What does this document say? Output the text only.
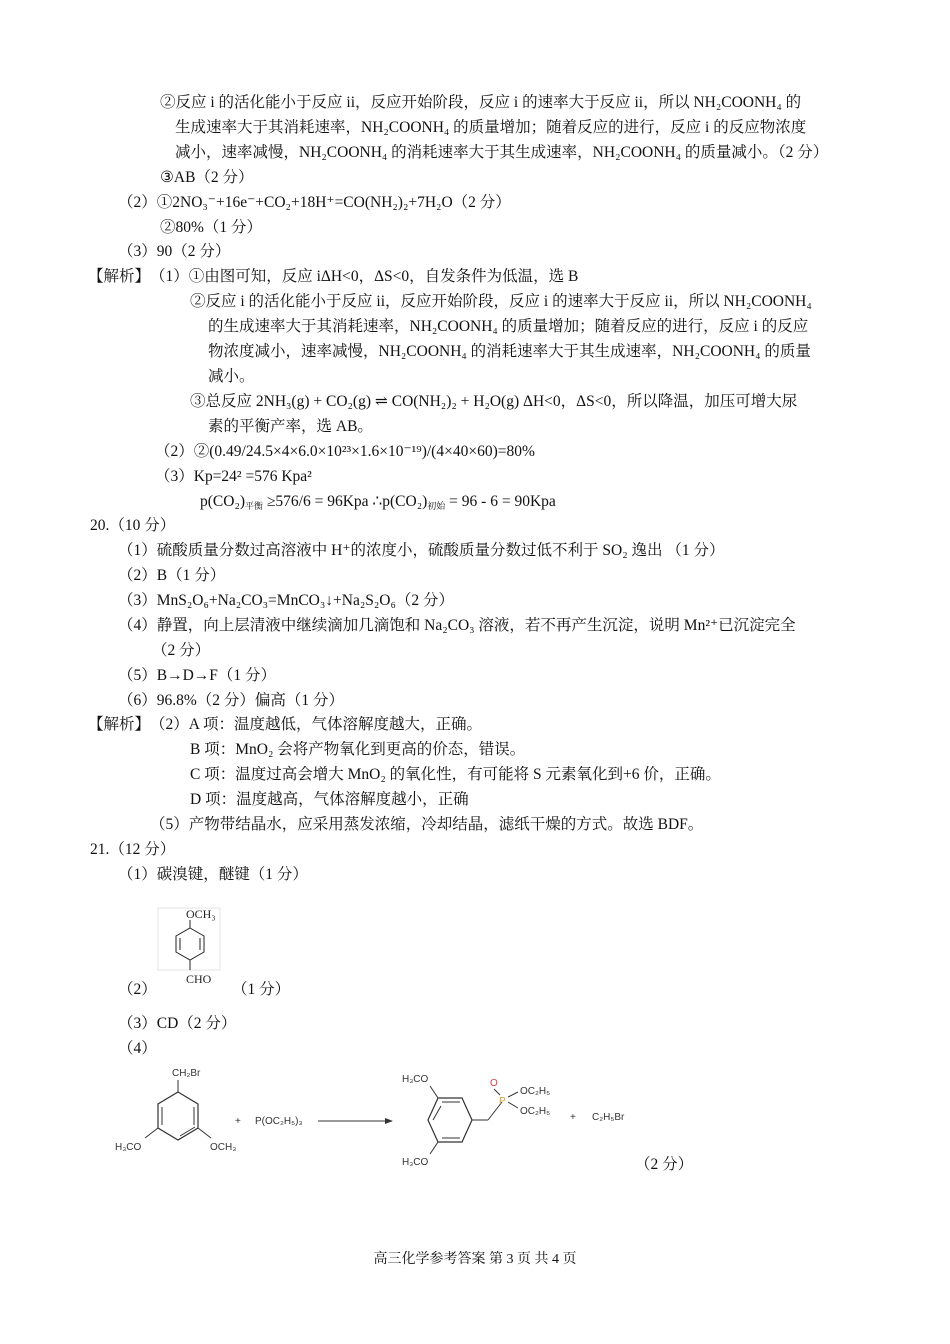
②反应 i 的活化能小于反应 ii，反应开始阶段，反应 i 的速率大于反应 ii，所以 NH₂COONH₄ 的
生成速率大于其消耗速率，NH₂COONH₄ 的质量增加；随着反应的进行，反应 i 的反应物浓度
减小，速率减慢，NH₂COONH₄ 的消耗速率大于其生成速率，NH₂COONH₄ 的质量减小。（2 分）
③AB（2 分）
（2）①2NO₃⁻+16e⁻+CO₂+18H⁺=CO(NH₂)₂+7H₂O（2 分）
②80%（1 分）
（3）90（2 分）
【解析】 （1）①由图可知，反应 iΔH<0，ΔS<0，自发条件为低温，选 B
②反应 i 的活化能小于反应 ii，反应开始阶段，反应 i 的速率大于反应 ii，所以 NH₂COONH₄
的生成速率大于其消耗速率，NH₂COONH₄ 的质量增加；随着反应的进行，反应 i 的反应
物浓度减小，速率减慢，NH₂COONH₄ 的消耗速率大于其生成速率，NH₂COONH₄ 的质量
减小。
③总反应 2NH₃(g) + CO₂(g) ⇌ CO(NH₂)₂ + H₂O(g) ΔH<0，ΔS<0，所以降温，加压可增大尿
素的平衡产率，选 AB。
（2）②(0.49/24.5×4×6.0×10²³×1.6×10⁻¹⁹)/(4×40×60)=80%
（3）Kp=24² =576 Kpa²
$p(CO_2)_{平衡} \ge 576/6 = 96Kpa$ $\therefore p(CO_2)_{初始} = 96 - 6 = 90Kpa$
20.（10 分）
（1）硫酸质量分数过高溶液中 H⁺的浓度小，硫酸质量分数过低不利于 SO₂ 逸出 （1 分）
（2）B（1 分）
（3）MnS₂O₆+Na₂CO₃=MnCO₃↓+Na₂S₂O₆（2 分）
（4）静置，向上层清液中继续滴加几滴饱和 Na₂CO₃ 溶液，若不再产生沉淀，说明 Mn²⁺已沉淀完全
（2 分）
（5）B→D→F（1 分）
（6）96.8%（2 分）偏高（1 分）
【解析】 （2）A 项：温度越低，气体溶解度越大，正确。
B 项：MnO₂ 会将产物氧化到更高的价态，错误。
C 项：温度过高会增大 MnO₂ 的氧化性，有可能将 S 元素氧化到+6 价，正确。
D 项：温度越高，气体溶解度越小，正确
（5）产物带结晶水，应采用蒸发浓缩，冷却结晶，滤纸干燥的方式。故选 BDF。
21.（12 分）
（1）碳溴键，醚键（1 分）
（2）	（1 分）
OCH₃
CHO
（3）CD（2 分）
（4）
CH₂Br
H₃CO	OCH₃
+ P(OC₂H₅)₃
H₃CO
H₃CO
O
P
OC₂H₅
OC₂H₅
+ C₂H₅Br
（2 分）
高三化学参考答案 第 3 页 共 4 页
